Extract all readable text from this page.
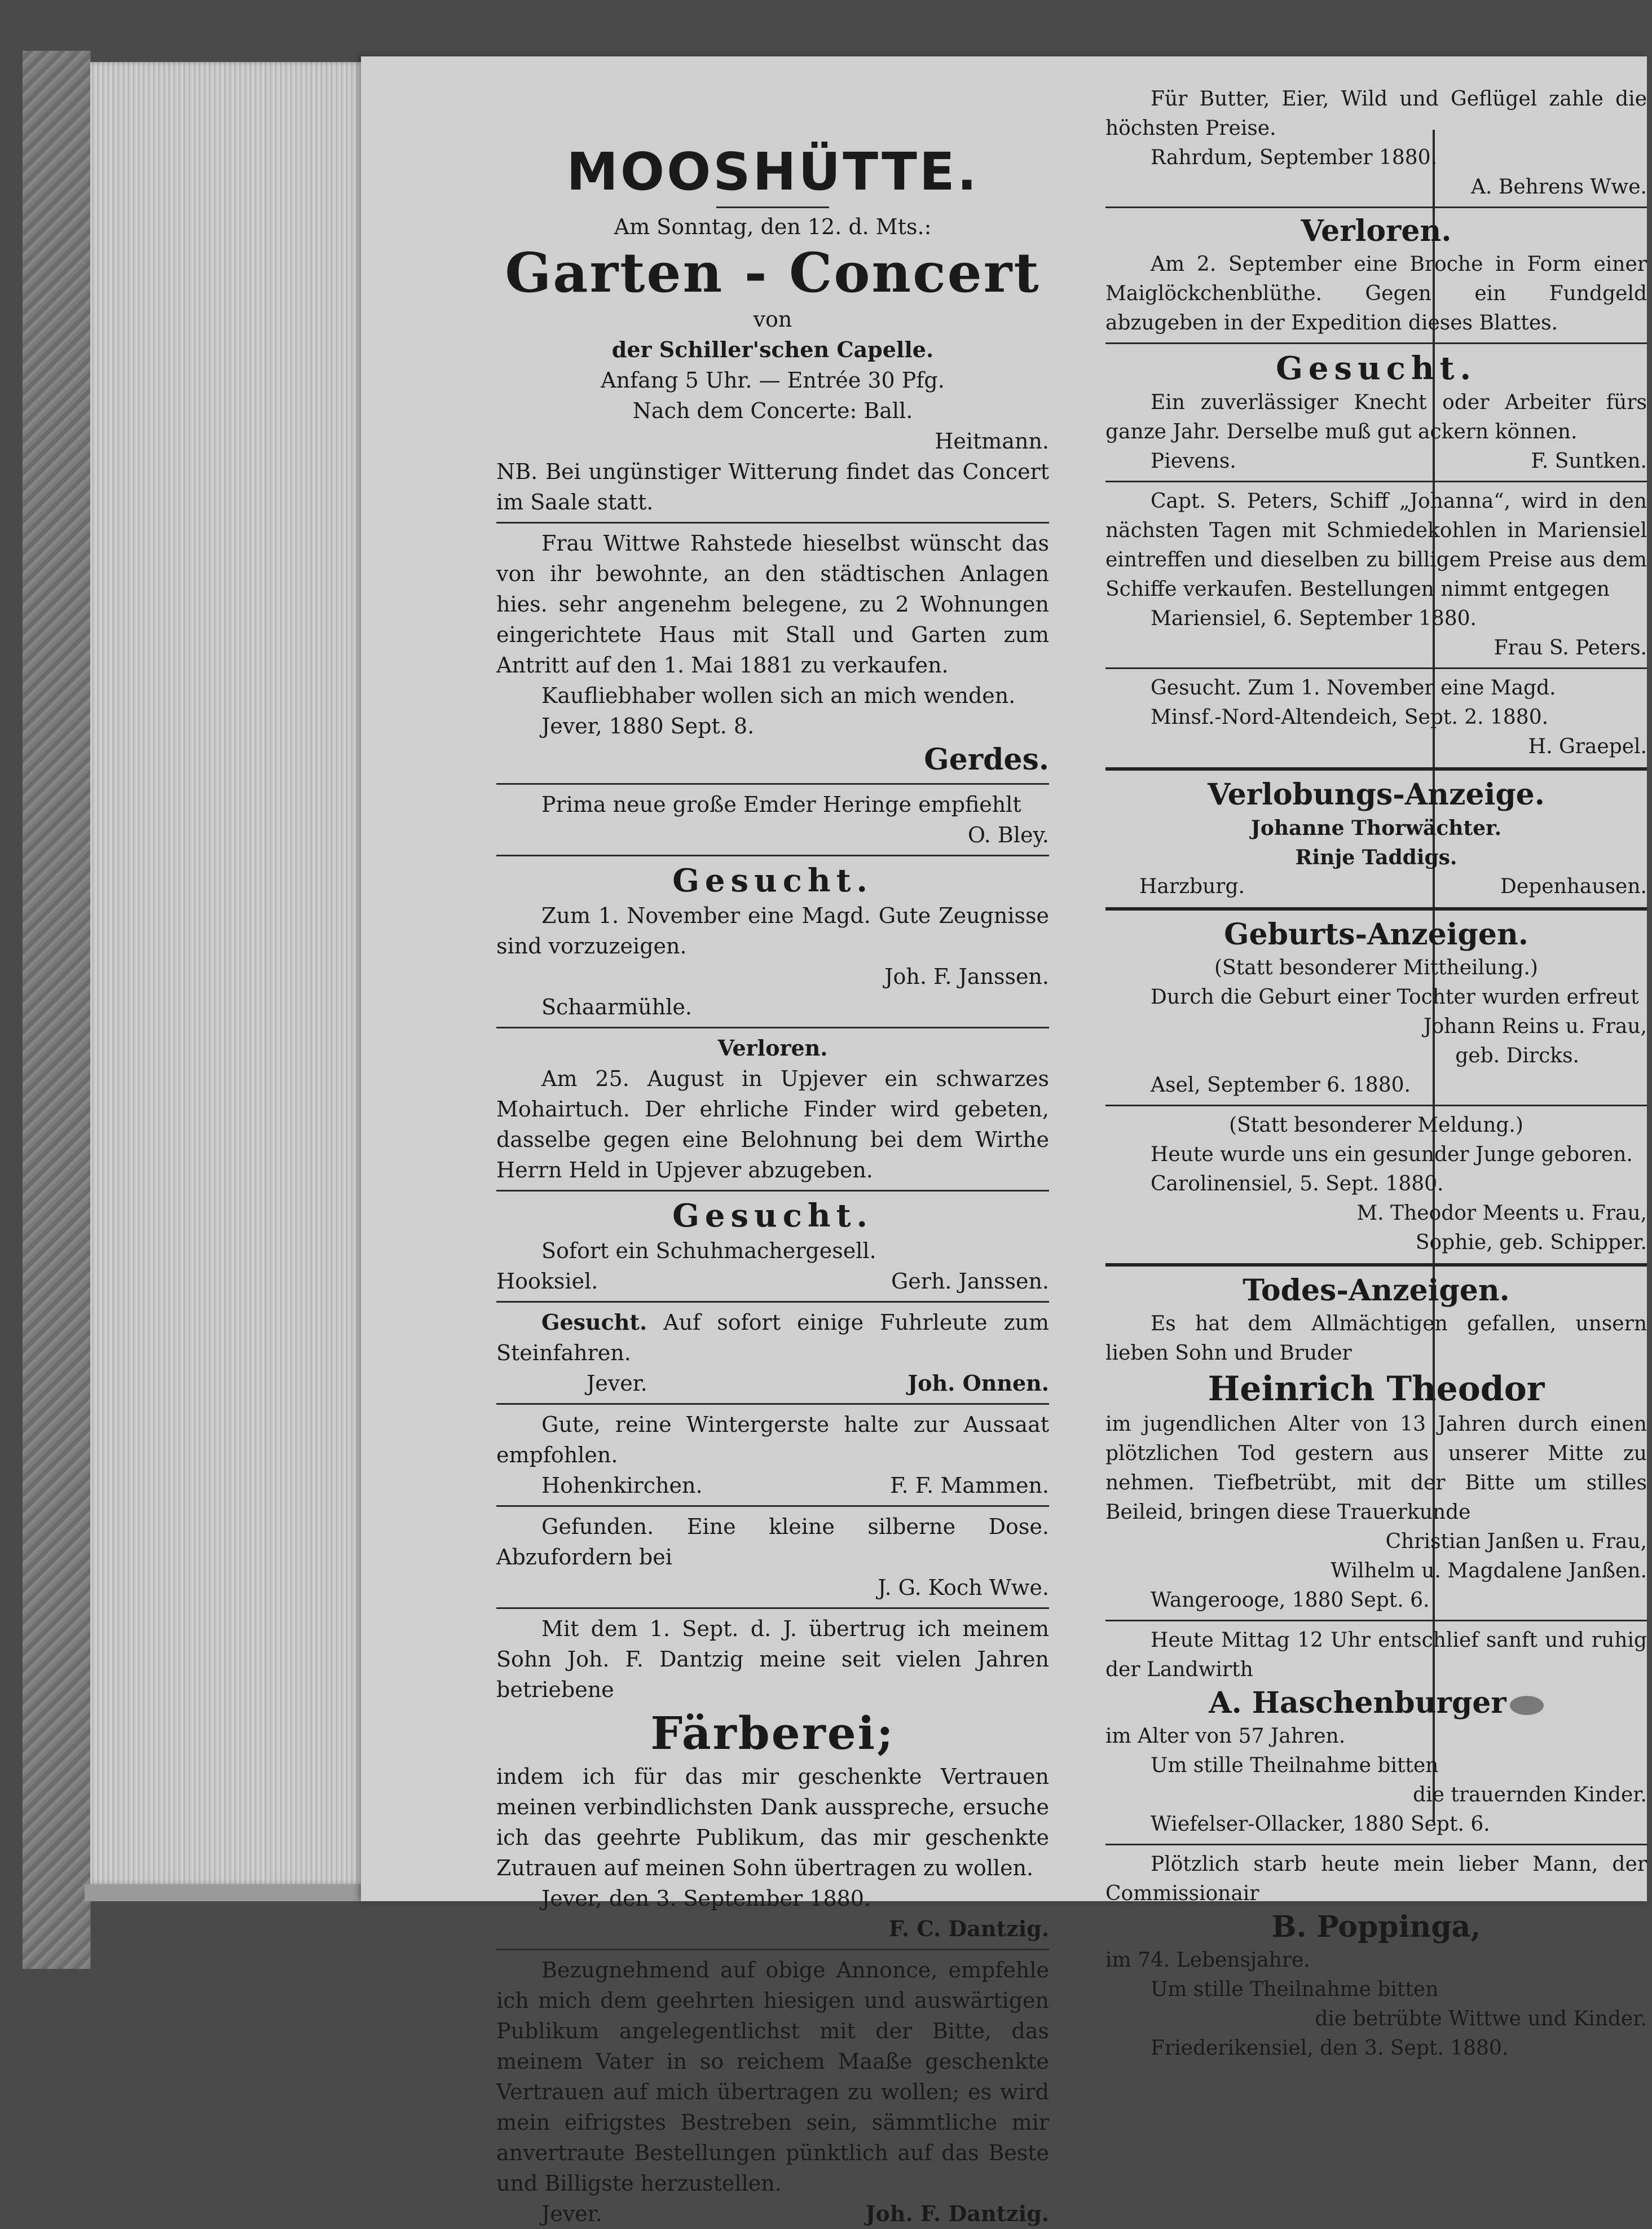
MOOSHÜTTE.
Am Sonntag, den 12. d. Mts.:
Garten - Concert
von
der Schiller'schen Capelle.
Anfang 5 Uhr. — Entrée 30 Pfg.
Nach dem Concerte: Ball.
Heitmann.
NB. Bei ungünstiger Witterung findet das Concert im Saale statt.
Frau Wittwe Rahstede hieselbst wünscht das von ihr bewohnte, an den städtischen Anlagen hies. sehr angenehm belegene, zu 2 Wohnungen eingerichtete Haus mit Stall und Garten zum Antritt auf den 1. Mai 1881 zu verkaufen.
Kaufliebhaber wollen sich an mich wenden.
Jever, 1880 Sept. 8.
Gerdes.
Prima neue große Emder Heringe empfiehlt
O. Bley.
Gesucht.
Zum 1. November eine Magd. Gute Zeugnisse sind vorzuzeigen.
Joh. F. Janssen.
Schaarmühle.
Verloren.
Am 25. August in Upjever ein schwarzes Mohairtuch. Der ehrliche Finder wird gebeten, dasselbe gegen eine Belohnung bei dem Wirthe Herrn Held in Upjever abzugeben.
Gesucht.
Sofort ein Schuhmachergesell.
Hooksiel.	Gerh. Janssen.
Gesucht. Auf sofort einige Fuhrleute zum Steinfahren.
Jever.	Joh. Onnen.
Gute, reine Wintergerste halte zur Aussaat empfohlen.
Hohenkirchen.	F. F. Mammen.
Gefunden. Eine kleine silberne Dose. Abzufordern bei
J. G. Koch Wwe.
Mit dem 1. Sept. d. J. übertrug ich meinem Sohn Joh. F. Dantzig meine seit vielen Jahren betriebene
Färberei;
indem ich für das mir geschenkte Vertrauen meinen verbindlichsten Dank ausspreche, ersuche ich das geehrte Publikum, das mir geschenkte Zutrauen auf meinen Sohn übertragen zu wollen.
Jever, den 3. September 1880.
F. C. Dantzig.
Bezugnehmend auf obige Annonce, empfehle ich mich dem geehrten hiesigen und auswärtigen Publikum angelegentlichst mit der Bitte, das meinem Vater in so reichem Maaße geschenkte Vertrauen auf mich übertragen zu wollen; es wird mein eifrigstes Bestreben sein, sämmtliche mir anvertraute Bestellungen pünktlich auf das Beste und Billigste herzustellen.
Jever.	Joh. F. Dantzig.
Für Butter, Eier, Wild und Geflügel zahle die höchsten Preise.
Rahrdum, September 1880.
A. Behrens Wwe.
Verloren.
Am 2. September eine Broche in Form einer Maiglöckchenblüthe. Gegen ein Fundgeld abzugeben in der Expedition dieses Blattes.
Gesucht.
Ein zuverlässiger Knecht oder Arbeiter fürs ganze Jahr. Derselbe muß gut ackern können.
Pievens.	F. Suntken.
Capt. S. Peters, Schiff „Johanna“, wird in den nächsten Tagen mit Schmiedekohlen in Mariensiel eintreffen und dieselben zu billigem Preise aus dem Schiffe verkaufen. Bestellungen nimmt entgegen
Mariensiel, 6. September 1880.
Frau S. Peters.
Gesucht. Zum 1. November eine Magd.
Minsf.-Nord-Altendeich, Sept. 2. 1880.
H. Graepel.
Verlobungs-Anzeige.
Johanne Thorwächter.
Rinje Taddigs.
Harzburg.	Depenhausen.
Geburts-Anzeigen.
(Statt besonderer Mittheilung.)
Durch die Geburt einer Tochter wurden erfreut
Johann Reins u. Frau,
geb. Dircks.
Asel, September 6. 1880.
(Statt besonderer Meldung.)
Heute wurde uns ein gesunder Junge geboren.
Carolinensiel, 5. Sept. 1880.
M. Theodor Meents u. Frau,
Sophie, geb. Schipper.
Todes-Anzeigen.
Es hat dem Allmächtigen gefallen, unsern lieben Sohn und Bruder
Heinrich Theodor
im jugendlichen Alter von 13 Jahren durch einen plötzlichen Tod gestern aus unserer Mitte zu nehmen. Tiefbetrübt, mit der Bitte um stilles Beileid, bringen diese Trauerkunde
Christian Janßen u. Frau,
Wilhelm u. Magdalene Janßen.
Wangerooge, 1880 Sept. 6.
Heute Mittag 12 Uhr entschlief sanft und ruhig der Landwirth
A. Haschenburger
im Alter von 57 Jahren.
Um stille Theilnahme bitten
die trauernden Kinder.
Wiefelser-Ollacker, 1880 Sept. 6.
Plötzlich starb heute mein lieber Mann, der Commissionair
B. Poppinga,
im 74. Lebensjahre.
Um stille Theilnahme bitten
die betrübte Wittwe und Kinder.
Friederikensiel, den 3. Sept. 1880.
